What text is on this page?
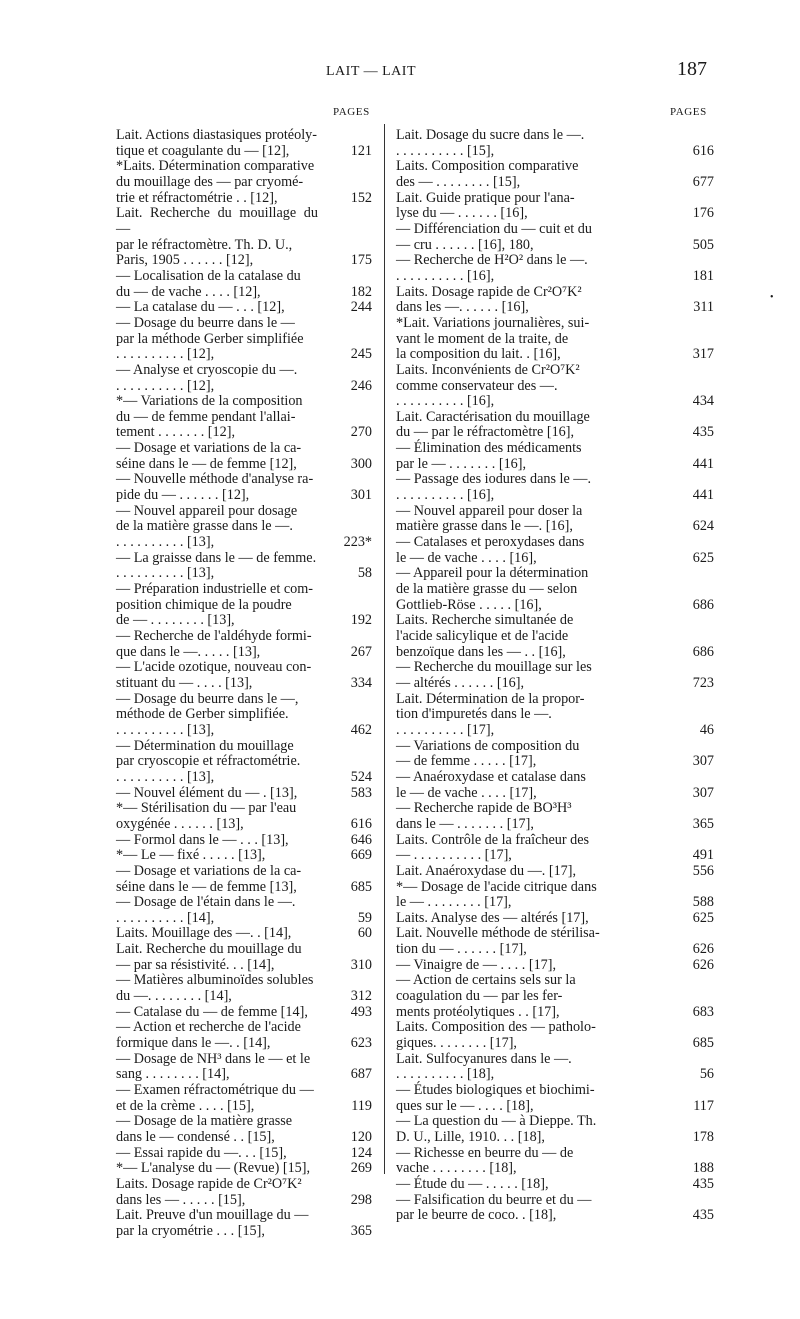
LAIT — LAIT	187
PAGES	PAGES
•
Lait. Actions diastasiques protéoly-
tique et coagulante du — [12],	121
*Laits. Détermination comparative
du mouillage des — par cryomé-
trie et réfractométrie . . [12],	152
Lait. Recherche du mouillage du —
par le réfractomètre. Th. D. U.,
Paris, 1905 . . . . . . [12],	175
— Localisation de la catalase du
du — de vache . . . . [12],	182
— La catalase du — . . . [12],	244
— Dosage du beurre dans le —
par la méthode Gerber simplifiée
. . . . . . . . . . [12],	245
— Analyse et cryoscopie du —.
. . . . . . . . . . [12],	246
*— Variations de la composition
du — de femme pendant l'allai-
tement . . . . . . . [12],	270
— Dosage et variations de la ca-
séine dans le — de femme [12],	300
— Nouvelle méthode d'analyse ra-
pide du — . . . . . . [12],	301
— Nouvel appareil pour dosage
de la matière grasse dans le —.
. . . . . . . . . . [13],	223*
— La graisse dans le — de femme.
. . . . . . . . . . [13],	58
— Préparation industrielle et com-
position chimique de la poudre
de — . . . . . . . . [13],	192
— Recherche de l'aldéhyde formi-
que dans le —. . . . . [13],	267
— L'acide ozotique, nouveau con-
stituant du — . . . . [13],	334
— Dosage du beurre dans le —,
méthode de Gerber simplifiée.
. . . . . . . . . . [13],	462
— Détermination du mouillage
par cryoscopie et réfractométrie.
. . . . . . . . . . [13],	524
— Nouvel élément du — . [13],	583
*— Stérilisation du — par l'eau
oxygénée . . . . . . [13],	616
— Formol dans le — . . . [13],	646
*— Le — fixé . . . . . [13],	669
— Dosage et variations de la ca-
séine dans le — de femme [13],	685
— Dosage de l'étain dans le —.
. . . . . . . . . . [14],	59
Laits. Mouillage des —. . [14],	60
Lait. Recherche du mouillage du
— par sa résistivité. . . [14],	310
— Matières albuminoïdes solubles
du —. . . . . . . . [14],	312
— Catalase du — de femme [14],	493
— Action et recherche de l'acide
formique dans le —. . [14],	623
— Dosage de NH³ dans le — et le
sang . . . . . . . . [14],	687
— Examen réfractométrique du —
et de la crème . . . . [15],	119
— Dosage de la matière grasse
dans le — condensé . . [15],	120
— Essai rapide du —. . . [15],	124
*— L'analyse du — (Revue) [15],	269
Laits. Dosage rapide de Cr²O⁷K²
dans les — . . . . . [15],	298
Lait. Preuve d'un mouillage du —
par la cryométrie . . . [15],	365
Lait. Dosage du sucre dans le —.
. . . . . . . . . . [15],	616
Laits. Composition comparative
des — . . . . . . . . [15],	677
Lait. Guide pratique pour l'ana-
lyse du — . . . . . . [16],	176
— Différenciation du — cuit et du
— cru . . . . . . [16], 180,	505
— Recherche de H²O² dans le —.
. . . . . . . . . . [16],	181
Laits. Dosage rapide de Cr²O⁷K²
dans les —. . . . . . [16],	311
*Lait. Variations journalières, sui-
vant le moment de la traite, de
la composition du lait. . [16],	317
Laits. Inconvénients de Cr²O⁷K²
comme conservateur des —.
. . . . . . . . . . [16],	434
Lait. Caractérisation du mouillage
du — par le réfractomètre [16],	435
— Élimination des médicaments
par le — . . . . . . . [16],	441
— Passage des iodures dans le —.
. . . . . . . . . . [16],	441
— Nouvel appareil pour doser la
matière grasse dans le —. [16],	624
— Catalases et peroxydases dans
le — de vache . . . . [16],	625
— Appareil pour la détermination
de la matière grasse du — selon
Gottlieb-Röse . . . . . [16],	686
Laits. Recherche simultanée de
l'acide salicylique et de l'acide
benzoïque dans les — . . [16],	686
— Recherche du mouillage sur les
— altérés . . . . . . [16],	723
Lait. Détermination de la propor-
tion d'impuretés dans le —.
. . . . . . . . . . [17],	46
— Variations de composition du
— de femme . . . . . [17],	307
— Anaéroxydase et catalase dans
le — de vache . . . . [17],	307
— Recherche rapide de BO³H³
dans le — . . . . . . . [17],	365
Laits. Contrôle de la fraîcheur des
— . . . . . . . . . . [17],	491
Lait. Anaéroxydase du —. [17],	556
*— Dosage de l'acide citrique dans
le — . . . . . . . . [17],	588
Laits. Analyse des — altérés [17],	625
Lait. Nouvelle méthode de stérilisa-
tion du — . . . . . . [17],	626
— Vinaigre de — . . . . [17],	626
— Action de certains sels sur la
coagulation du — par les fer-
ments protéolytiques . . [17],	683
Laits. Composition des — patholo-
giques. . . . . . . . [17],	685
Lait. Sulfocyanures dans le —.
. . . . . . . . . . [18],	56
— Études biologiques et biochimi-
ques sur le — . . . . [18],	117
— La question du — à Dieppe. Th.
D. U., Lille, 1910. . . [18],	178
— Richesse en beurre du — de
vache . . . . . . . . [18],	188
— Étude du — . . . . . [18],	435
— Falsification du beurre et du —
par le beurre de coco. . [18],	435
